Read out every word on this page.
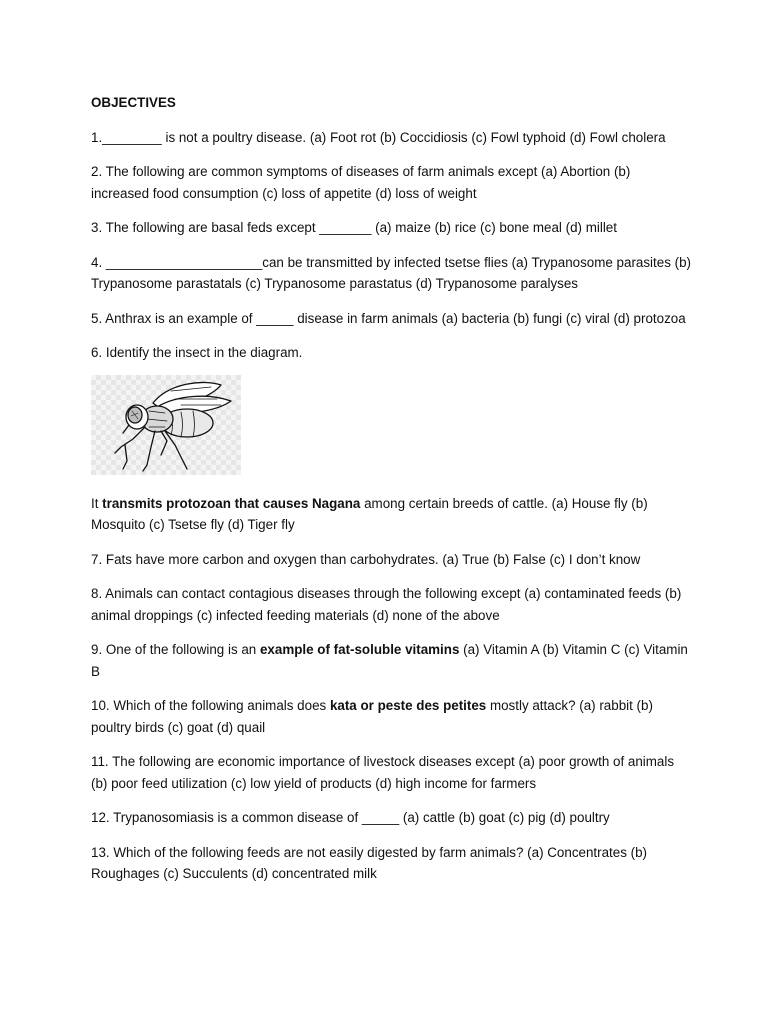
OBJECTIVES

1.________ is not a poultry disease. (a) Foot rot (b) Coccidiosis (c) Fowl typhoid (d) Fowl cholera

2. The following are common symptoms of diseases of farm animals except (a) Abortion (b) increased food consumption (c) loss of appetite (d) loss of weight

3. The following are basal feds except _______ (a) maize (b) rice (c) bone meal (d) millet

4. _____________________can be transmitted by infected tsetse flies (a) Trypanosome parasites (b) Trypanosome parastatals (c) Trypanosome parastatus (d) Trypanosome paralyses

5. Anthrax is an example of _____ disease in farm animals (a) bacteria (b) fungi (c) viral (d) protozoa

6. Identify the insect in the diagram.

It transmits protozoan that causes Nagana among certain breeds of cattle. (a) House fly (b) Mosquito (c) Tsetse fly (d) Tiger fly

7. Fats have more carbon and oxygen than carbohydrates. (a) True (b) False (c) I don’t know

8. Animals can contact contagious diseases through the following except (a) contaminated feeds (b) animal droppings (c) infected feeding materials (d) none of the above

9. One of the following is an example of fat-soluble vitamins (a) Vitamin A (b) Vitamin C (c) Vitamin B

10. Which of the following animals does kata or peste des petites mostly attack? (a) rabbit (b) poultry birds (c) goat (d) quail

11. The following are economic importance of livestock diseases except (a) poor growth of animals (b) poor feed utilization (c) low yield of products (d) high income for farmers

12. Trypanosomiasis is a common disease of _____ (a) cattle (b) goat (c) pig (d) poultry

13. Which of the following feeds are not easily digested by farm animals? (a) Concentrates (b) Roughages (c) Succulents (d) concentrated milk
